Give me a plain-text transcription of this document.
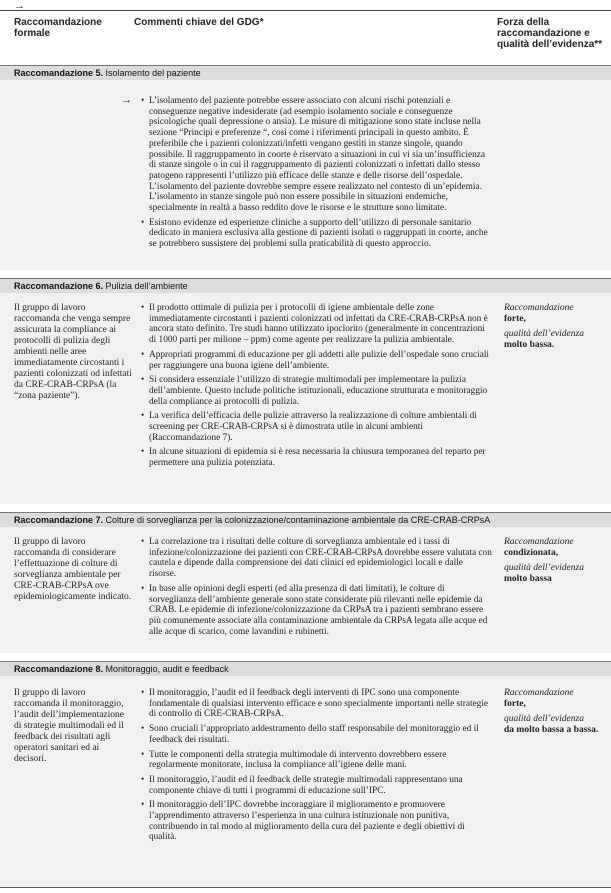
→
Raccomandazione formale
Commenti chiave del GDG*	Forza della raccomandazione e qualità dell’evidenza**
Raccomandazione 5. Isolamento del paziente
→
•	L’isolamento del paziente potrebbe essere associato con alcuni rischi potenziali e conseguenze negative indesiderate (ad esempio isolamento sociale e conseguenze psicologiche quali depressione o ansia). Le misure di mitigazione sono state incluse nella sezione “Principi e preferenze “, così come i riferimenti principali in questo ambito. È preferibile che i pazienti colonizzati/infetti vengano gestiti in stanze singole, quando possibile. Il raggruppamento in coorte è riservato a situazioni in cui vi sia un’insufficienza di stanze singole o in cui il raggruppamento di pazienti colonizzati o infettati dallo stesso patogeno rappresenti l’utilizzo più efficace delle stanze e delle risorse dell’ospedale. L’isolamento del paziente dovrebbe sempre essere realizzato nel contesto di un’epidemia. L’isolamento in stanze singole può non essere possibile in situazioni endemiche, specialmente in realtà a basso reddito dove le risorse e le strutture sono limitate.
• Esistono evidenze ed esperienze cliniche a supporto dell’utilizzo di personale sanitario dedicato in maniera esclusiva alla gestione di pazienti isolati o raggruppati in coorte, anche se potrebbero sussistere dei problemi sulla praticabilità di questo approccio.
Raccomandazione 6. Pulizia dell’ambiente
Il gruppo di lavoro raccomanda che venga sempre assicurata la compliance ai protocolli di pulizia degli ambienti nelle aree immediatamente circostanti i pazienti colonizzati od infettati da CRE-CRAB-CRPsA (la “zona paziente”).
• Il prodotto ottimale di pulizia per i protocolli di igiene ambientale delle zone immediatamente circostanti i pazienti colonizzati od infettati da CRE-CRAB-CRPsA non è ancora stato definito. Tre studi hanno utilizzato ipoclorito (generalmente in concentrazioni di 1000 parti per milione – ppm) come agente per realizzare la pulizia ambientale.
• Appropriati programmi di educazione per gli addetti alle pulizie dell’ospedale sono cruciali per raggiungere una buona igiene dell’ambiente.
• Si considera essenziale l’utilizzo di strategie multimodali per implementare la pulizia dell’ambiente. Questo include politiche istituzionali, educazione strutturata e monitoraggio della compliance ai protocolli di pulizia.
• La verifica dell’efficacia delle pulizie attraverso la realizzazione di colture ambientali di screening per CRE-CRAB-CRPsA si è dimostrata utile in alcuni ambienti (Raccomandazione 7).
• In alcune situazioni di epidemia si è resa necessaria la chiusura temporanea del reparto per permettere una pulizia potenziata.
Raccomandazione
forte,
qualità dell’evidenza
molto bassa.
Raccomandazione 7. Colture di sorveglianza per la colonizzazione/contaminazione ambientale da CRE-CRAB-CRPsA
Il gruppo di lavoro raccomanda di considerare l’effettuazione di colture di sorveglianza ambientale per CRE-CRAB-CRPsA ove epidemiologicamente indicato.
• La correlazione tra i risultati delle colture di sorveglianza ambientale ed i tassi di infezione/colonizzazione dei pazienti con CRE-CRAB-CRPsA dovrebbe essere valutata con cautela e dipende dalla comprensione dei dati clinici ed epidemiologici locali e dalle risorse.
• In base alle opinioni degli esperti (ed alla presenza di dati limitati), le colture di sorveglianza dell’ambiente generale sono state considerate più rilevanti nelle epidemie da CRAB. Le epidemie di infezione/colonizzazione da CRPsA tra i pazienti sembrano essere più comunemente associate alla contaminazione ambientale da CRPsA legata alle acque ed alle acque di scarico, come lavandini e rubinetti.
Raccomandazione
condizionata,
qualità dell’evidenza
molto bassa
Raccomandazione 8. Monitoraggio, audit e feedback
Il gruppo di lavoro raccomanda il monitoraggio, l’audit dell’implementazione di strategie multimodali ed il feedback dei risultati agli operatori sanitari ed ai decisori.
• Il monitoraggio, l’audit ed il feedback degli interventi di IPC sono una componente fondamentale di qualsiasi intervento efficace e sono specialmente importanti nelle strategie di controllo di CRE-CRAB-CRPsA.
• Sono cruciali l’appropriato addestramento dello staff responsabile del monitoraggio ed il feedback dei risultati.
• Tutte le componenti della strategia multimodale di intervento dovrebbero essere regolarmente monitorate, inclusa la compliance all’igiene delle mani.
• Il monitoraggio, l’audit ed il feedback delle strategie multimodali rappresentano una componente chiave di tutti i programmi di educazione sull’IPC.
• Il monitoraggio dell’IPC dovrebbe incoraggiare il miglioramento e promuovere l’apprendimento attraverso l’esperienza in una cultura istituzionale non punitiva, contribuendo in tal modo al miglioramento della cura del paziente e degli obiettivi di qualità.
Raccomandazione
forte,
qualità dell’evidenza
da molto bassa a bassa.
